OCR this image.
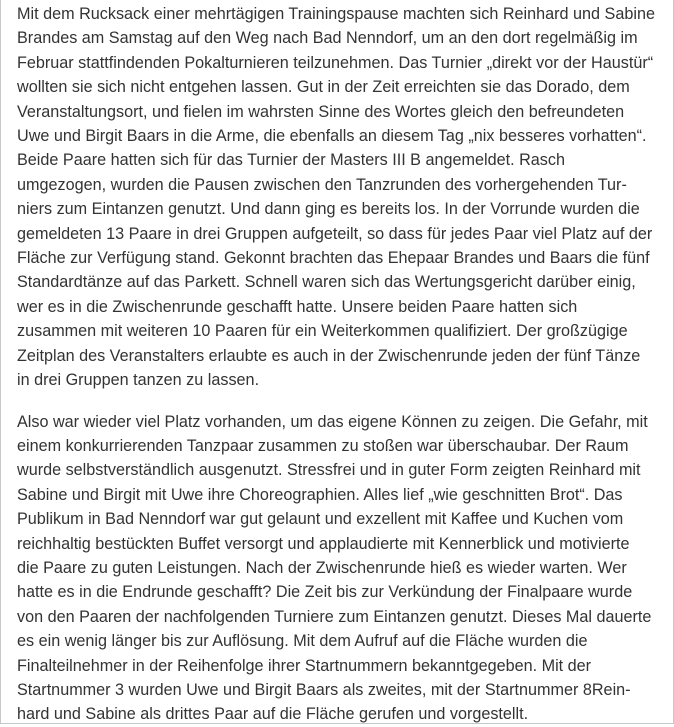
Mit dem Rucksack einer mehrtägigen Trainingspause machten sich Reinhard und Sabine
Brandes am Samstag auf den Weg nach Bad Nenndorf, um an den dort regelmäßig im
Februar stattfindenden Pokalturnieren teilzunehmen. Das Turnier „direkt vor der Haustür“
wollten sie sich nicht entgehen lassen. Gut in der Zeit erreichten sie das Dorado, dem
Veranstaltungsort, und fielen im wahrsten Sinne des Wortes gleich den befreundeten
Uwe und Birgit Baars in die Arme, die ebenfalls an diesem Tag „nix besseres vorhatten“.
Beide Paare hatten sich für das Turnier der Masters III B angemeldet. Rasch
umgezogen, wurden die Pausen zwischen den Tanzrunden des vorhergehenden Tur-
niers zum Eintanzen genutzt. Und dann ging es bereits los. In der Vorrunde wurden die
gemeldeten 13 Paare in drei Gruppen aufgeteilt, so dass für jedes Paar viel Platz auf der
Fläche zur Verfügung stand. Gekonnt brachten das Ehepaar Brandes und Baars die fünf
Standardtänze auf das Parkett. Schnell waren sich das Wertungsgericht darüber einig,
wer es in die Zwischenrunde geschafft hatte. Unsere beiden Paare hatten sich
zusammen mit weiteren 10 Paaren für ein Weiterkommen qualifiziert. Der großzügige
Zeitplan des Veranstalters erlaubte es auch in der Zwischenrunde jeden der fünf Tänze
in drei Gruppen tanzen zu lassen.

Also war wieder viel Platz vorhanden, um das eigene Können zu zeigen. Die Gefahr, mit
einem konkurrierenden Tanzpaar zusammen zu stoßen war überschaubar. Der Raum
wurde selbstverständlich ausgenutzt. Stressfrei und in guter Form zeigten Reinhard mit
Sabine und Birgit mit Uwe ihre Choreographien. Alles lief „wie geschnitten Brot“. Das
Publikum in Bad Nenndorf war gut gelaunt und exzellent mit Kaffee und Kuchen vom
reichhaltig bestückten Buffet versorgt und applaudierte mit Kennerblick und motivierte
die Paare zu guten Leistungen. Nach der Zwischenrunde hieß es wieder warten. Wer
hatte es in die Endrunde geschafft? Die Zeit bis zur Verkündung der Finalpaare wurde
von den Paaren der nachfolgenden Turniere zum Eintanzen genutzt. Dieses Mal dauerte
es ein wenig länger bis zur Auflösung. Mit dem Aufruf auf die Fläche wurden die
Finalteilnehmer in der Reihenfolge ihrer Startnummern bekanntgegeben. Mit der
Startnummer 3 wurden Uwe und Birgit Baars als zweites, mit der Startnummer 8Rein-
hard und Sabine als drittes Paar auf die Fläche gerufen und vorgestellt.
